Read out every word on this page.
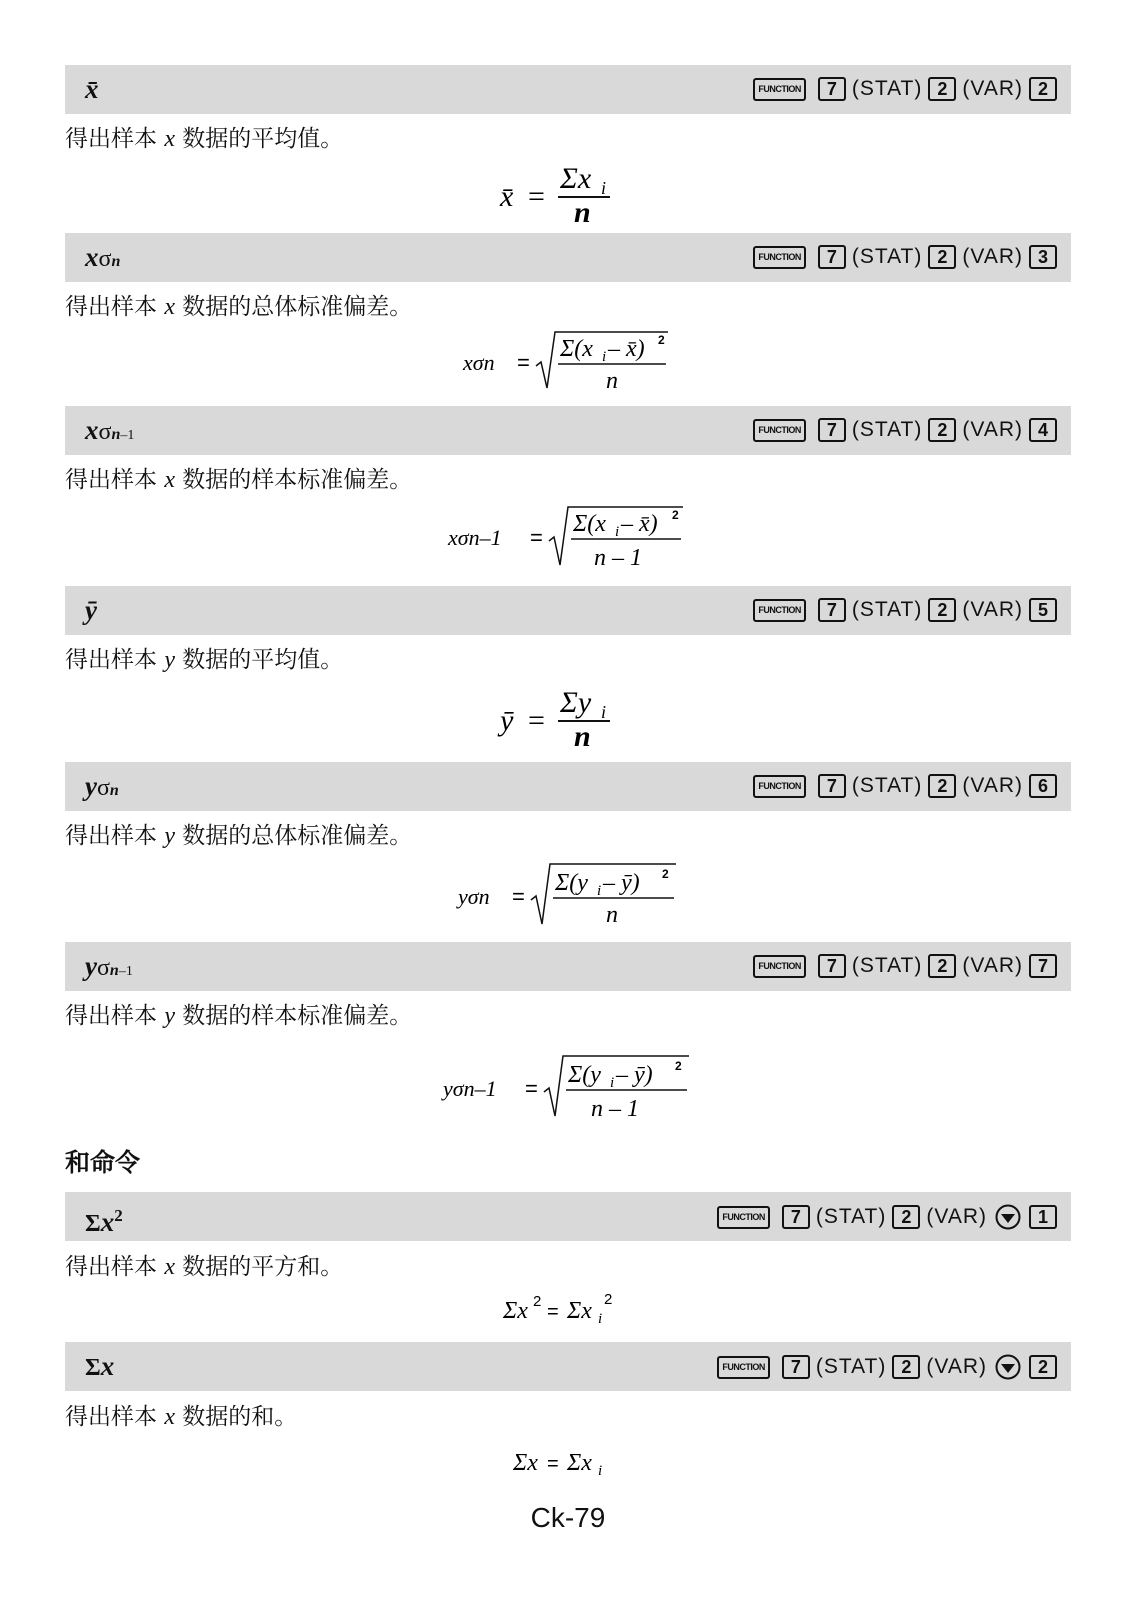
x̄	FUNCTION	7 (STAT) 2 (VAR) 2
得出样本 x 数据的平均值。
x̄ =
Σx i
n
xσn	FUNCTION	7 (STAT) 2 (VAR) 3
得出样本 x 数据的总体标准偏差。
xσn =
Σ(x i – x̄) 2
n
xσn–1	FUNCTION	7 (STAT) 2 (VAR) 4
得出样本 x 数据的样本标准偏差。
xσn–1 =
Σ(x i – x̄) 2
n – 1
ȳ	FUNCTION	7 (STAT) 2 (VAR) 5
得出样本 y 数据的平均值。
ȳ =
Σy i
n
yσn	FUNCTION	7 (STAT) 2 (VAR) 6
得出样本 y 数据的总体标准偏差。
yσn =
Σ(y i – ȳ) 2
n
yσn–1	FUNCTION	7 (STAT) 2 (VAR) 7
得出样本 y 数据的样本标准偏差。
yσn–1 =
Σ(y i – ȳ) 2
n – 1
和命令
$\Sigma x^2$	FUNCTION	7 (STAT) 2 (VAR)	1
得出样本 x 数据的平方和。
Σx 2 = Σx i
2
Σx	FUNCTION	7 (STAT) 2 (VAR)	2
得出样本 x 数据的和。
Σx = Σx i
Ck-79
